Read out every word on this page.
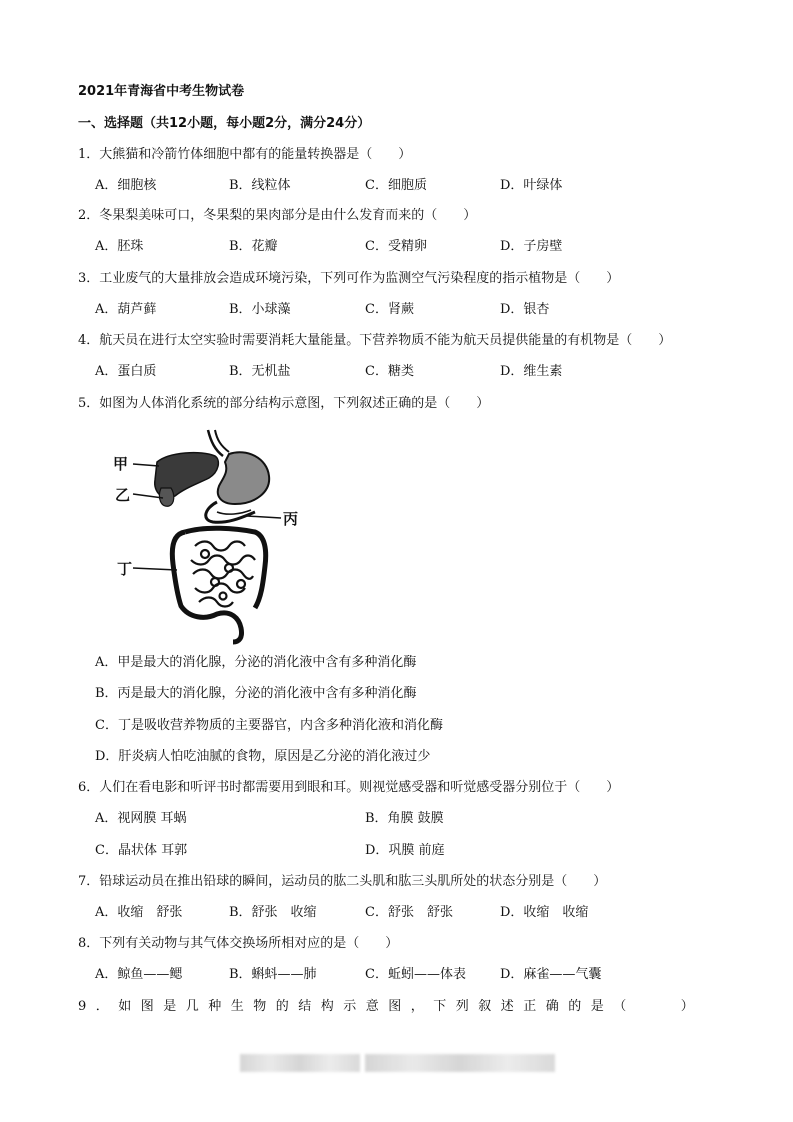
2021年青海省中考生物试卷
一、选择题（共12小题，每小题2分，满分24分）
1．大熊猫和冷箭竹体细胞中都有的能量转换器是（　　）
A．细胞核	B．线粒体	C．细胞质	D．叶绿体
2．冬果梨美味可口，冬果梨的果肉部分是由什么发育而来的（　　）
A．胚珠	B．花瓣	C．受精卵	D．子房壁
3．工业废气的大量排放会造成环境污染，下列可作为监测空气污染程度的指示植物是（　　）
A．葫芦藓	B．小球藻	C．肾蕨	D．银杏
4．航天员在进行太空实验时需要消耗大量能量。下营养物质不能为航天员提供能量的有机物是（　　）
A．蛋白质	B．无机盐	C．糖类	D．维生素
5．如图为人体消化系统的部分结构示意图，下列叙述正确的是（　　）
甲
乙
丙
丁
A．甲是最大的消化腺，分泌的消化液中含有多种消化酶
B．丙是最大的消化腺，分泌的消化液中含有多种消化酶
C．丁是吸收营养物质的主要器官，内含多种消化液和消化酶
D．肝炎病人怕吃油腻的食物，原因是乙分泌的消化液过少
6．人们在看电影和听评书时都需要用到眼和耳。则视觉感受器和听觉感受器分别位于（　　）
A．视网膜 耳蜗	B．角膜 鼓膜
C．晶状体 耳郭	D．巩膜 前庭
7．铅球运动员在推出铅球的瞬间，运动员的肱二头肌和肱三头肌所处的状态分别是（　　）
A．收缩　舒张	B．舒张　收缩	C．舒张　舒张	D．收缩　收缩
8．下列有关动物与其气体交换场所相对应的是（　　）
A．鲸鱼——鳃	B．蝌蚪——肺	C．蚯蚓——体表	D．麻雀——气囊
9．如图是几种生物的结构示意图，下列叙述正确的是（　　）
